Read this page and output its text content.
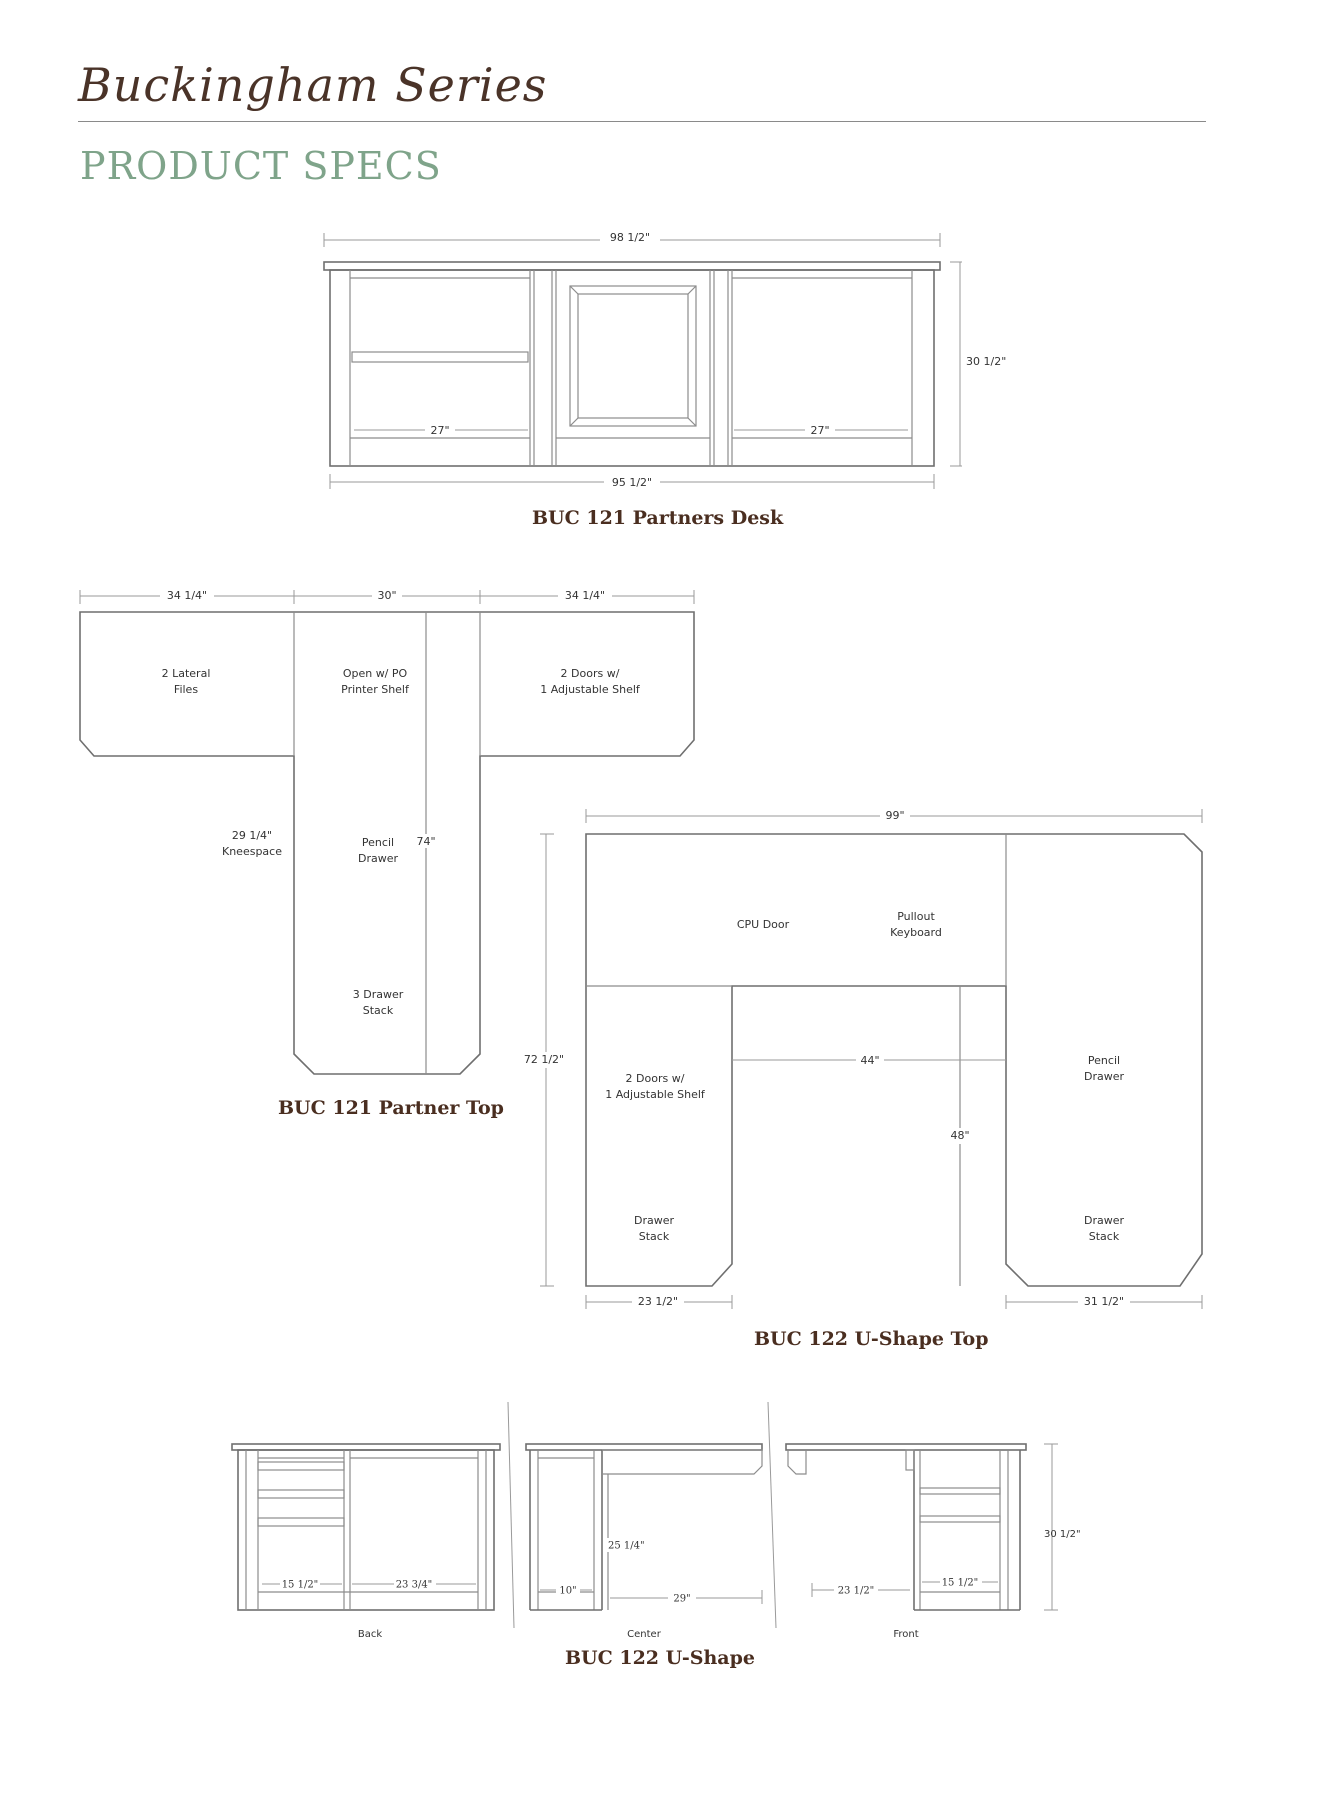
Buckingham Series
PRODUCT SPECS
98 1/2"
27"	27"
30 1/2"
95 1/2"
34 1/4"	30"	34 1/4"
2 Lateral
Files
Open w/ PO
Printer Shelf
2 Doors w/
1 Adjustable Shelf
29 1/4"
Kneespace
Pencil
Drawer
74"
3 Drawer
Stack
99"
72 1/2"
CPU Door
Pullout
Keyboard
2 Doors w/
1 Adjustable Shelf
44"
48"
Pencil
Drawer
Drawer
Stack
Drawer
Stack
23 1/2"	31 1/2"
15 1/2"	23 3/4"
Back
25 1/4"
10"
29"
Center
23 1/2"
15 1/2"
30 1/2"
Front
BUC 121 Partners Desk
BUC 121 Partner Top
BUC 122 U-Shape Top
BUC 122 U-Shape
